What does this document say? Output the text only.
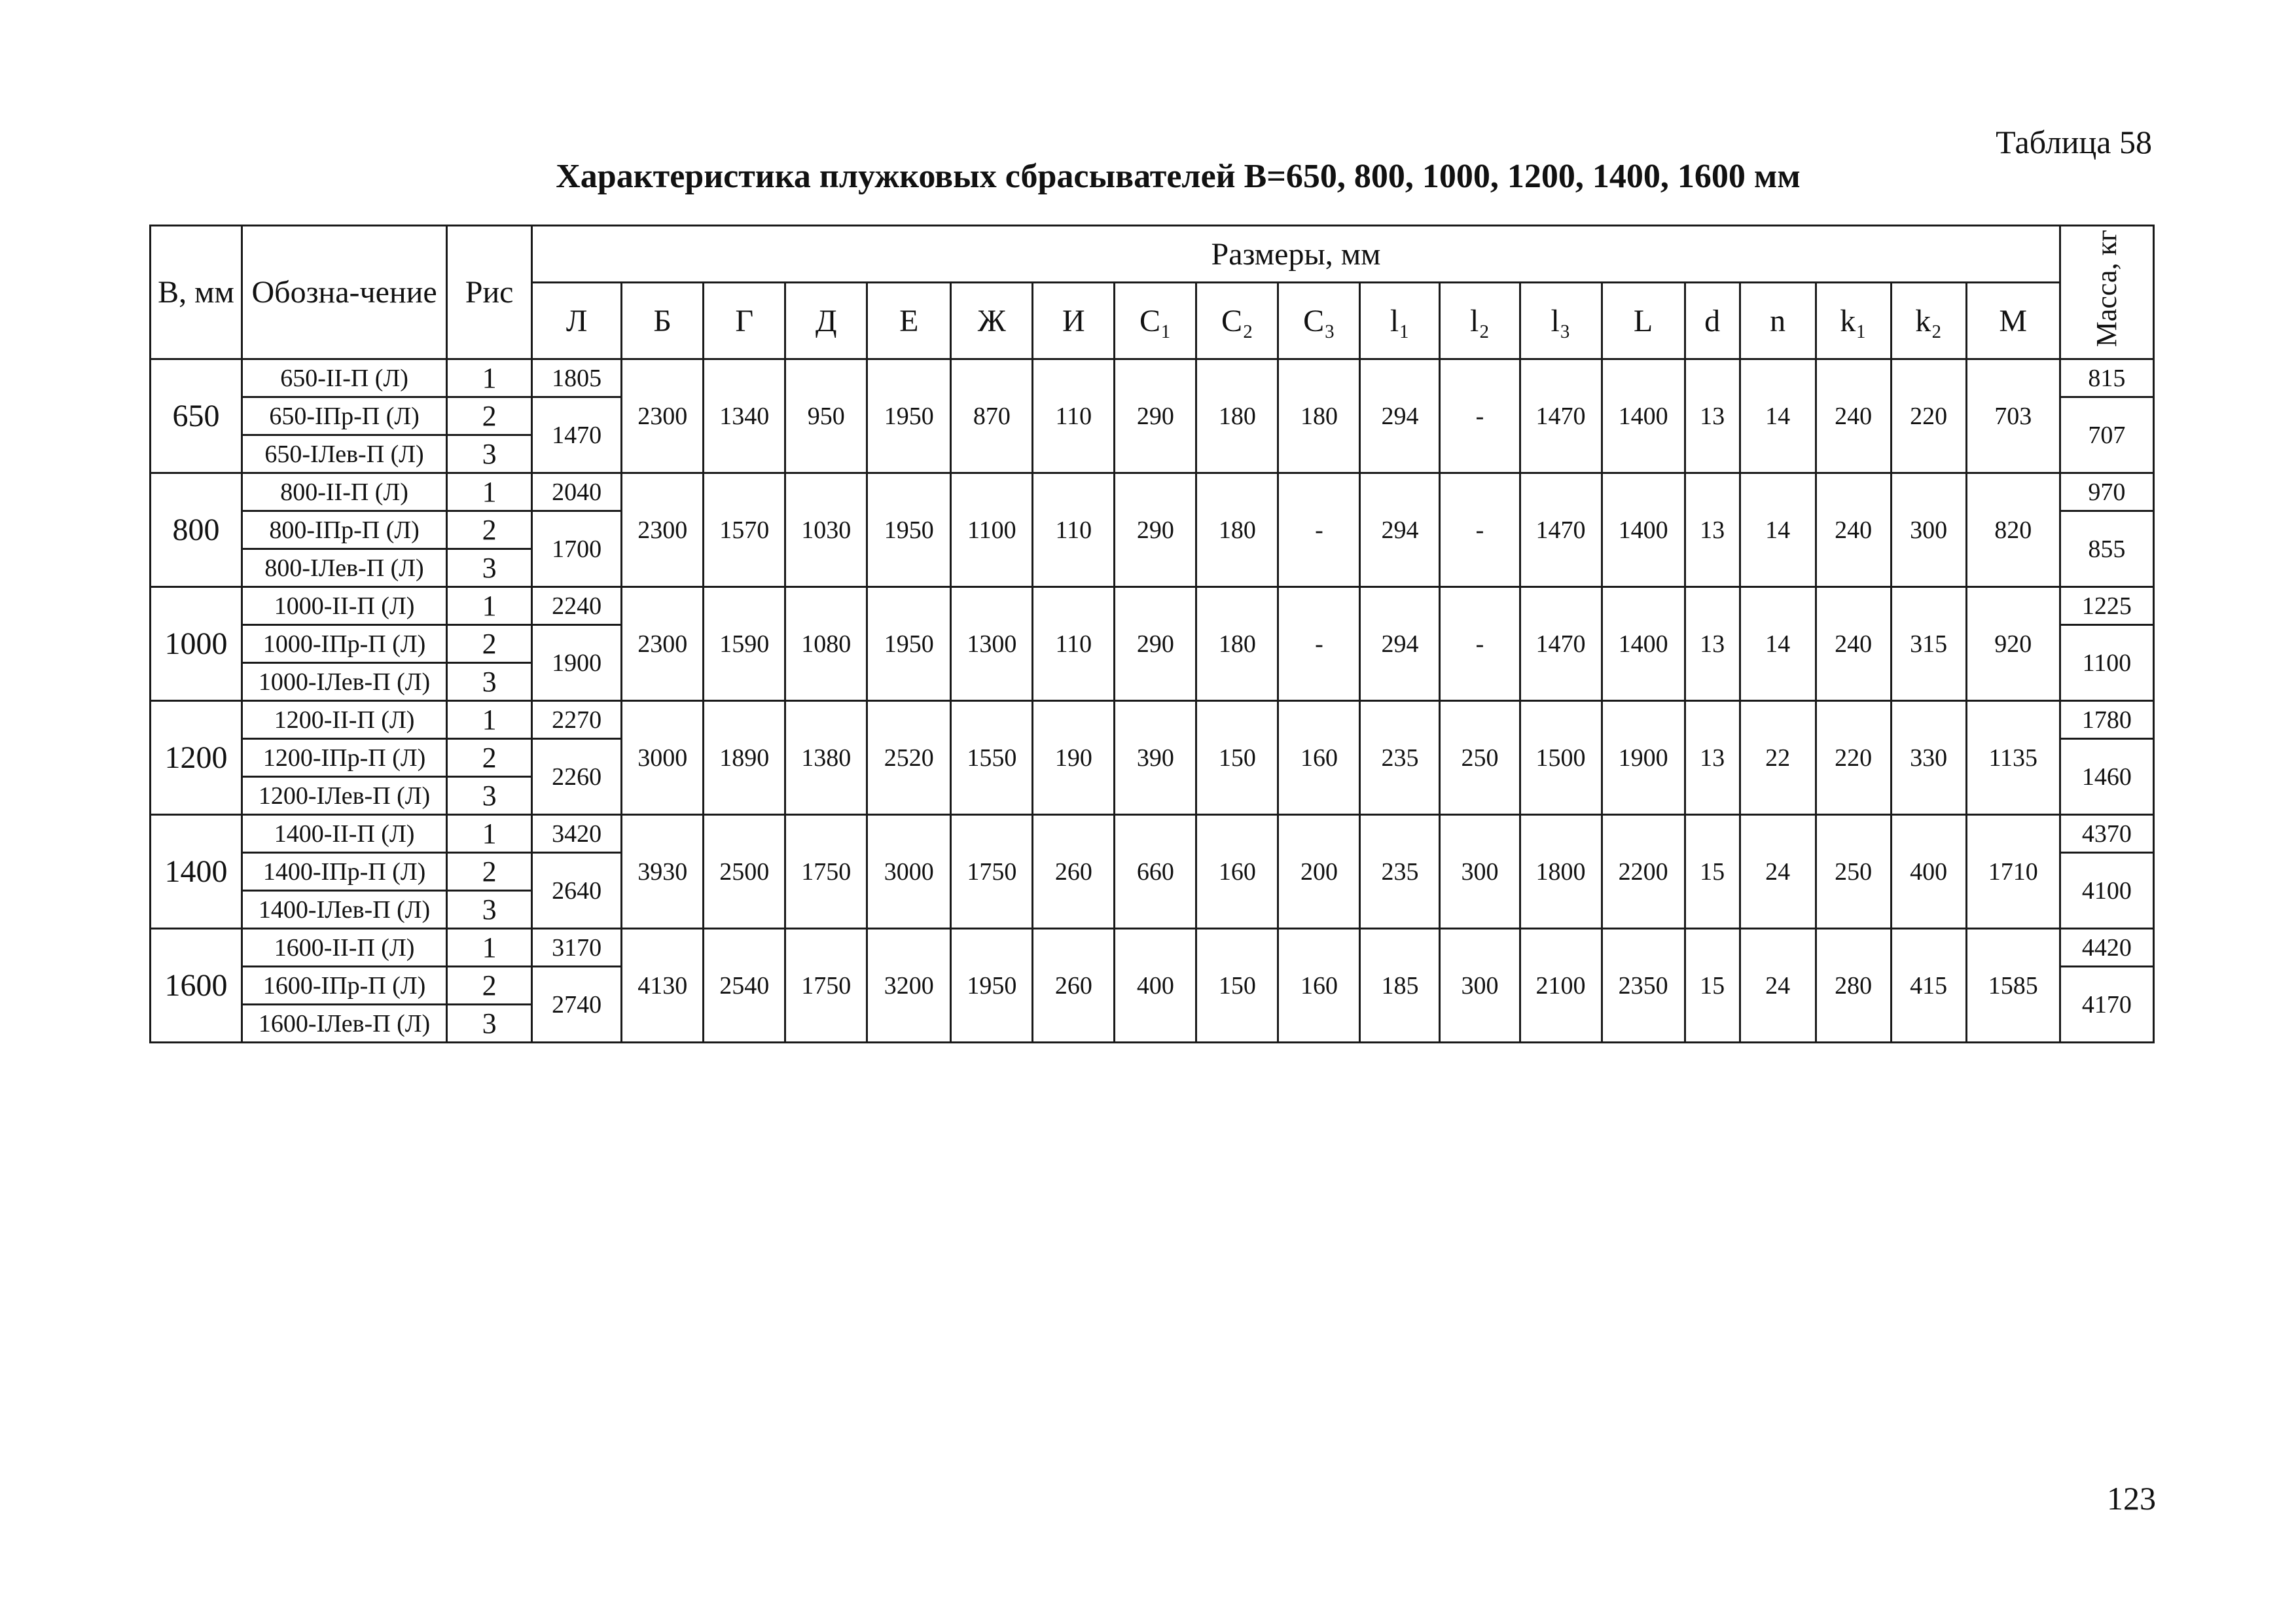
Таблица 58
Характеристика плужковых сбрасывателей B=650, 800, 1000, 1200, 1400, 1600 мм
В, мм	Обозна-чение	Рис	Размеры, мм																			Масса, кг
			Л	Б	Г	Д	Е	Ж	И	C₁	C₂	C₃	l₁	l₂	l₃	L	d	n	k₁	k₂	M	
650	650-II-П (Л)	1	1805	2300	1340	950	1950	870	110	290	180	180	294	-	1470	1400	13	14	240	220	703	815
	650-IПр-П (Л)	2	1470																			707
	650-IЛев-П (Л)	3																				
800	800-II-П (Л)	1	2040	2300	1570	1030	1950	1100	110	290	180	-	294	-	1470	1400	13	14	240	300	820	970
	800-IПр-П (Л)	2	1700																			855
	800-IЛев-П (Л)	3																				
1000	1000-II-П (Л)	1	2240	2300	1590	1080	1950	1300	110	290	180	-	294	-	1470	1400	13	14	240	315	920	1225
	1000-IПр-П (Л)	2	1900																			1100
	1000-IЛев-П (Л)	3																				
1200	1200-II-П (Л)	1	2270	3000	1890	1380	2520	1550	190	390	150	160	235	250	1500	1900	13	22	220	330	1135	1780
	1200-IПр-П (Л)	2	2260																			1460
	1200-IЛев-П (Л)	3																				
1400	1400-II-П (Л)	1	3420	3930	2500	1750	3000	1750	260	660	160	200	235	300	1800	2200	15	24	250	400	1710	4370
	1400-IПр-П (Л)	2	2640																			4100
	1400-IЛев-П (Л)	3																				
1600	1600-II-П (Л)	1	3170	4130	2540	1750	3200	1950	260	400	150	160	185	300	2100	2350	15	24	280	415	1585	4420
	1600-IПр-П (Л)	2	2740																			4170
	1600-IЛев-П (Л)	3																				
123
